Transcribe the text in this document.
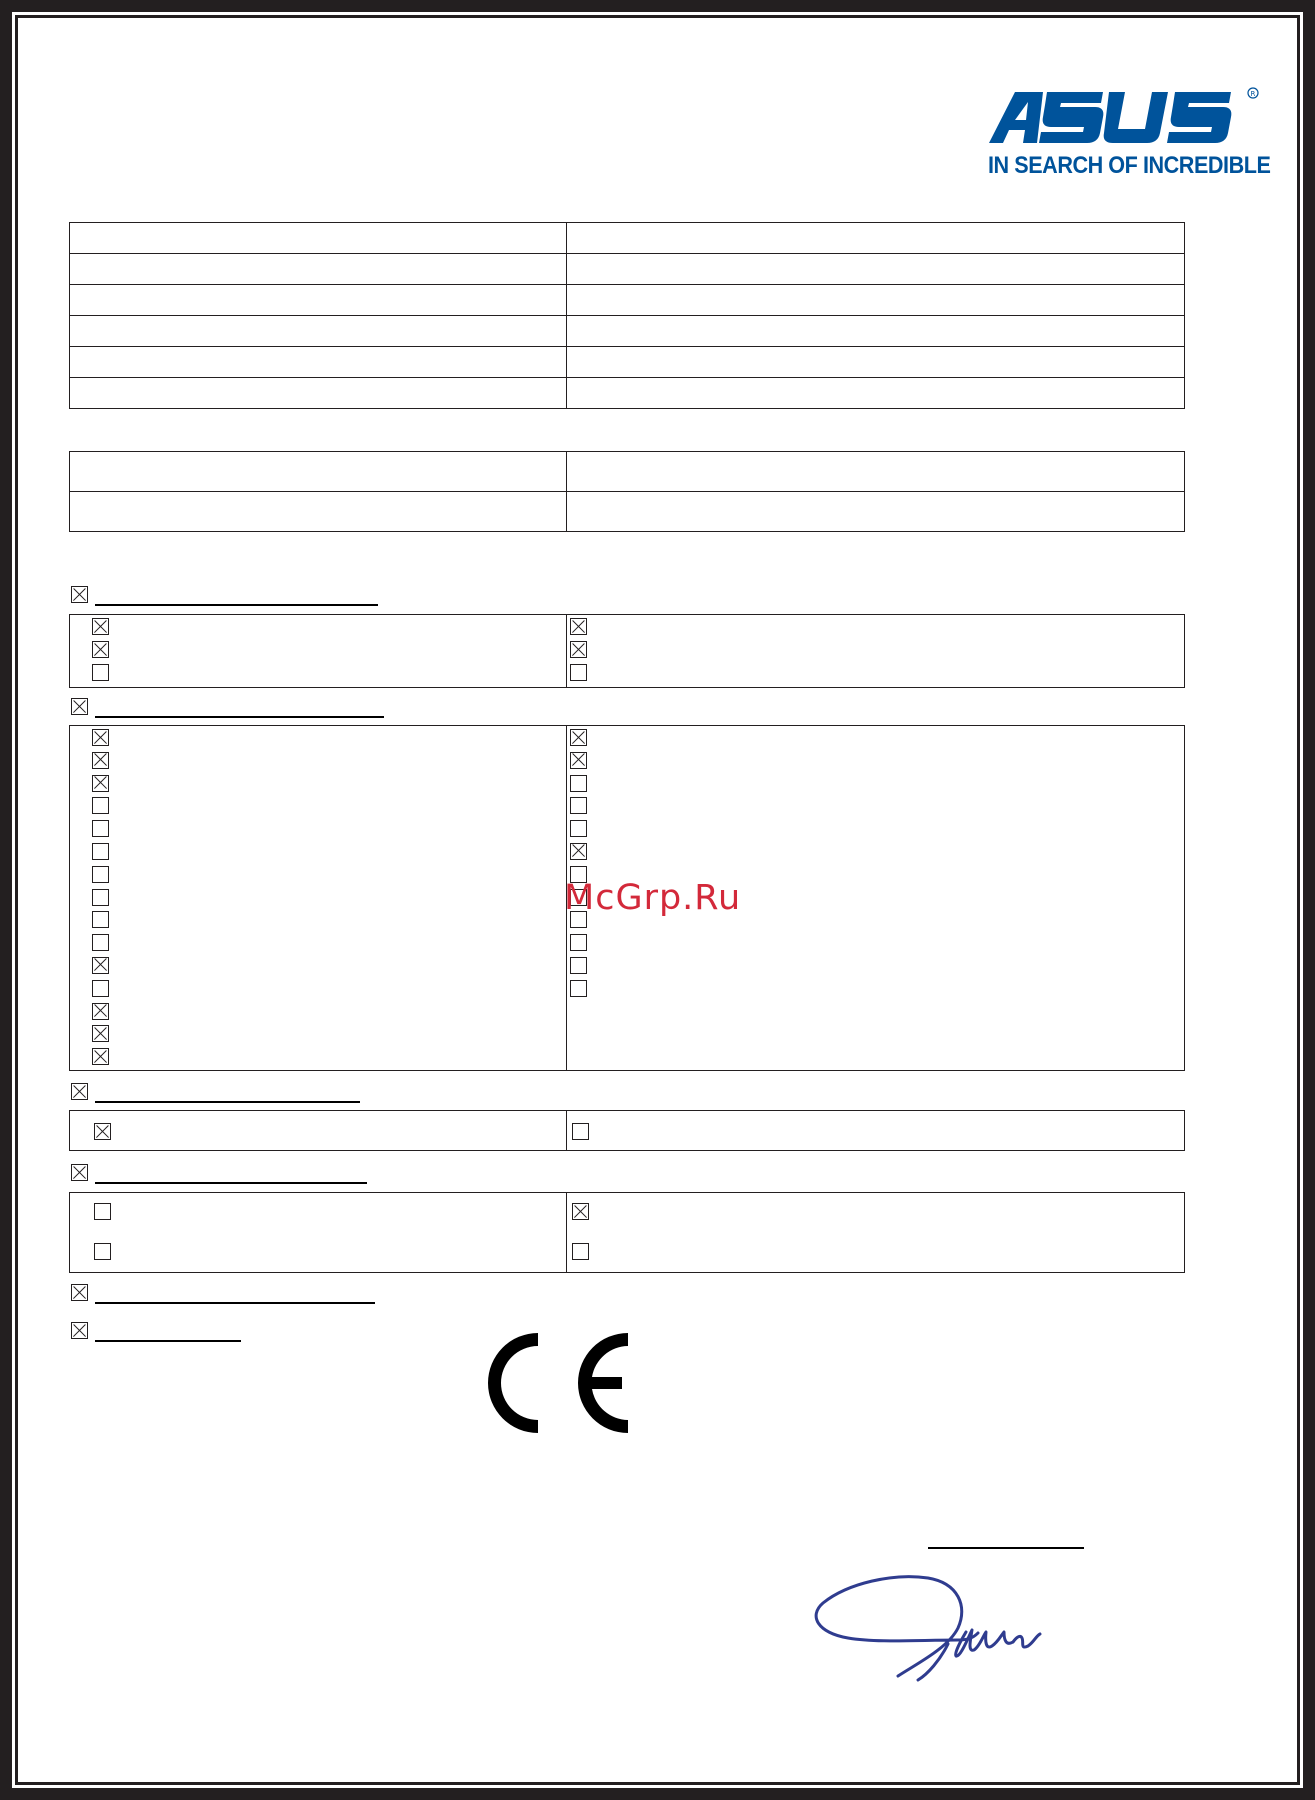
R
IN SEARCH OF INCREDIBLE

McGrp.Ru
